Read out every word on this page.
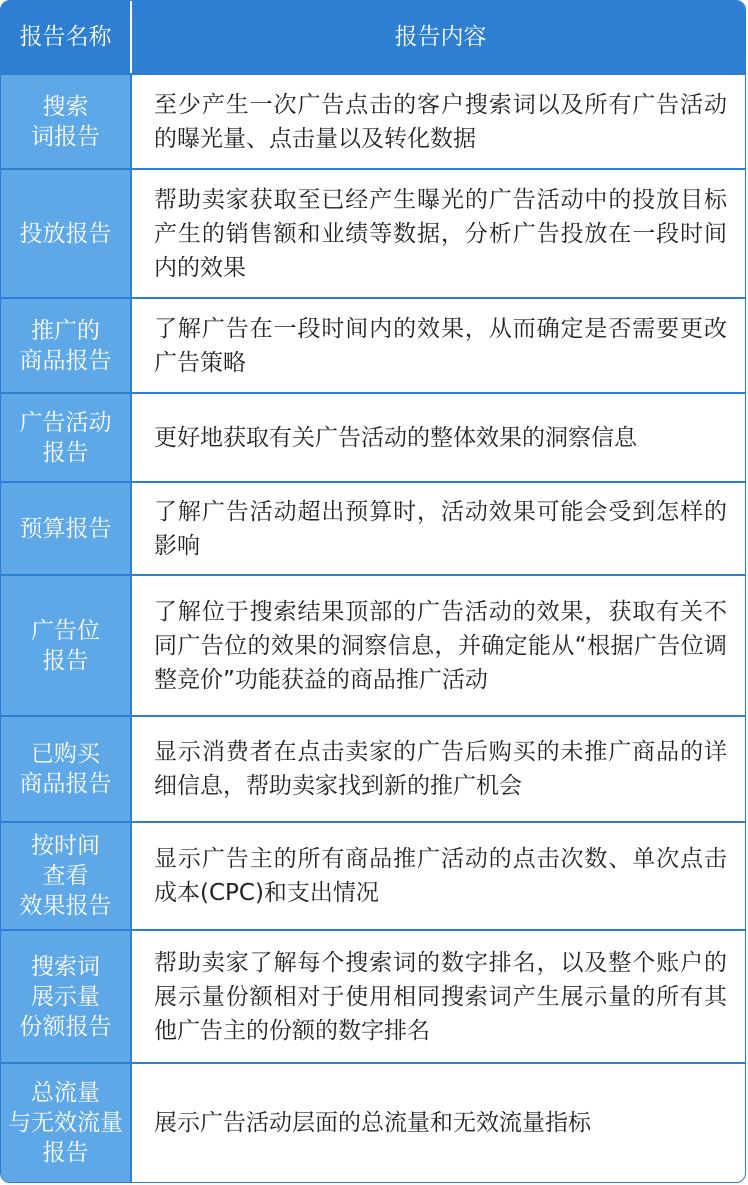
报告名称	报告内容
搜索
词报告
至少产生一次广告点击的客户搜索词以及所有广告活动的曝光量、点击量以及转化数据
投放报告
帮助卖家获取至已经产生曝光的广告活动中的投放目标产生的销售额和业绩等数据，分析广告投放在一段时间内的效果
推广的
商品报告
了解广告在一段时间内的效果，从而确定是否需要更改广告策略
广告活动
报告
更好地获取有关广告活动的整体效果的洞察信息
预算报告
了解广告活动超出预算时，活动效果可能会受到怎样的影响
广告位
报告
了解位于搜索结果顶部的广告活动的效果，获取有关不同广告位的效果的洞察信息，并确定能从“根据广告位调整竞价”功能获益的商品推广活动
已购买
商品报告
显示消费者在点击卖家的广告后购买的未推广商品的详细信息，帮助卖家找到新的推广机会
按时间
查看
效果报告
显示广告主的所有商品推广活动的点击次数、单次点击成本(CPC)和支出情况
搜索词
展示量
份额报告
帮助卖家了解每个搜索词的数字排名，以及整个账户的展示量份额相对于使用相同搜索词产生展示量的所有其他广告主的份额的数字排名
总流量
与无效流量
报告
展示广告活动层面的总流量和无效流量指标
